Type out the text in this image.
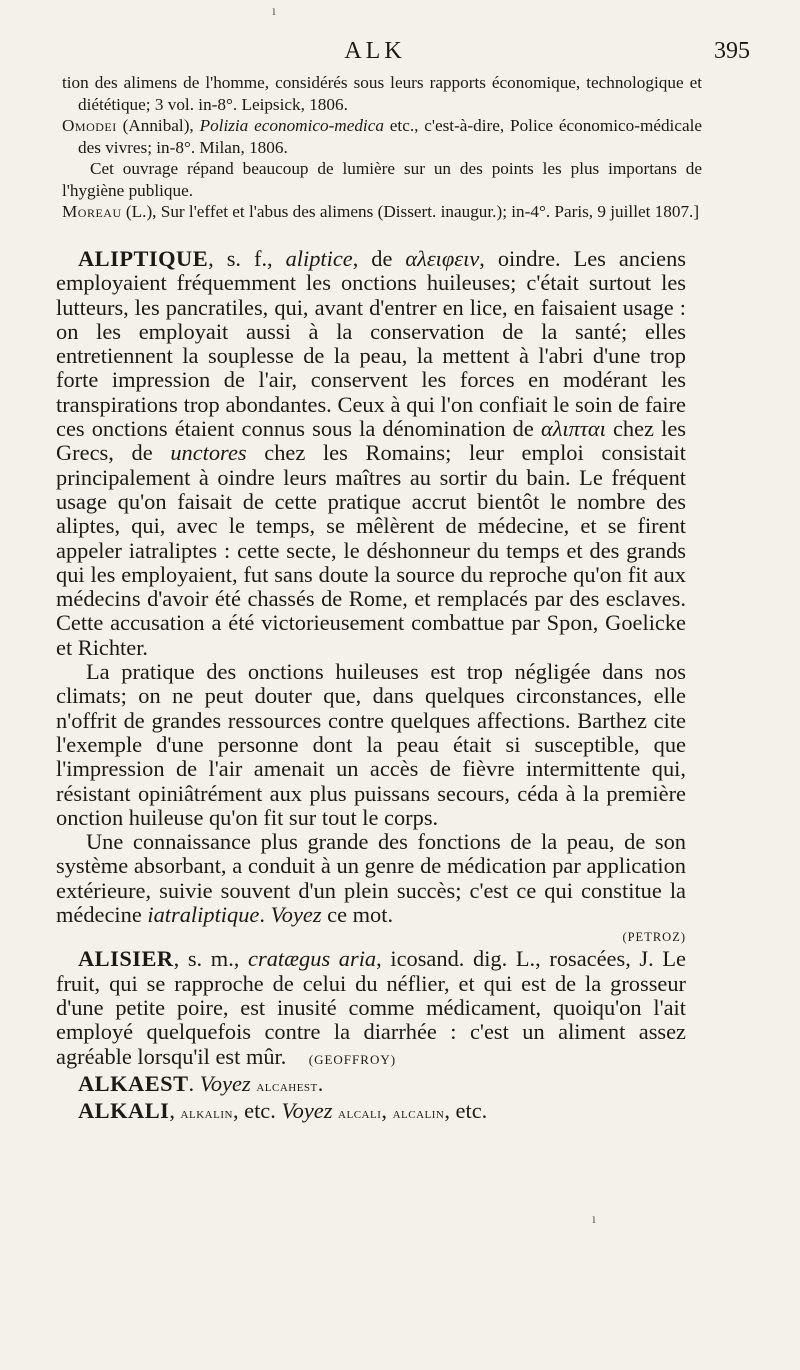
ALK	395

tion des alimens de l'homme, considérés sous leurs rapports économique, technologique et diététique; 3 vol. in-8°. Leipsick, 1806.

Omodei (Annibal), Polizia economico-medica etc., c'est-à-dire, Police économico-médicale des vivres; in-8°. Milan, 1806.

Cet ouvrage répand beaucoup de lumière sur un des points les plus importans de l'hygiène publique.

Moreau (L.), Sur l'effet et l'abus des alimens (Dissert. inaugur.); in-4°. Paris, 9 juillet 1807.]

ALIPTIQUE, s. f., aliptice, de αλειφειν, oindre. Les anciens employaient fréquemment les onctions huileuses; c'était surtout les lutteurs, les pancratiles, qui, avant d'entrer en lice, en faisaient usage : on les employait aussi à la conservation de la santé; elles entretiennent la souplesse de la peau, la mettent à l'abri d'une trop forte impression de l'air, conservent les forces en modérant les transpirations trop abondantes. Ceux à qui l'on confiait le soin de faire ces onctions étaient connus sous la dénomination de αλιπται chez les Grecs, de unctores chez les Romains; leur emploi consistait principalement à oindre leurs maîtres au sortir du bain. Le fréquent usage qu'on faisait de cette pratique accrut bientôt le nombre des aliptes, qui, avec le temps, se mêlèrent de médecine, et se firent appeler iatraliptes : cette secte, le déshonneur du temps et des grands qui les employaient, fut sans doute la source du reproche qu'on fit aux médecins d'avoir été chassés de Rome, et remplacés par des esclaves. Cette accusation a été victorieusement combattue par Spon, Goelicke et Richter.

La pratique des onctions huileuses est trop négligée dans nos climats; on ne peut douter que, dans quelques circonstances, elle n'offrit de grandes ressources contre quelques affections. Barthez cite l'exemple d'une personne dont la peau était si susceptible, que l'impression de l'air amenait un accès de fièvre intermittente qui, résistant opiniâtrément aux plus puissans secours, céda à la première onction huileuse qu'on fit sur tout le corps.

Une connaissance plus grande des fonctions de la peau, de son système absorbant, a conduit à un genre de médication par application extérieure, suivie souvent d'un plein succès; c'est ce qui constitue la médecine iatraliptique. Voyez ce mot.

(PETROZ)

ALISIER, s. m., cratægus aria, icosand. dig. L., rosacées, J. Le fruit, qui se rapproche de celui du néflier, et qui est de la grosseur d'une petite poire, est inusité comme médicament, quoiqu'on l'ait employé quelquefois contre la diarrhée : c'est un aliment assez agréable lorsqu'il est mûr. (GEOFFROY)

ALKAEST. Voyez alcahest.

ALKALI, alkalin, etc. Voyez alcali, alcalin, etc.

ı
ı
